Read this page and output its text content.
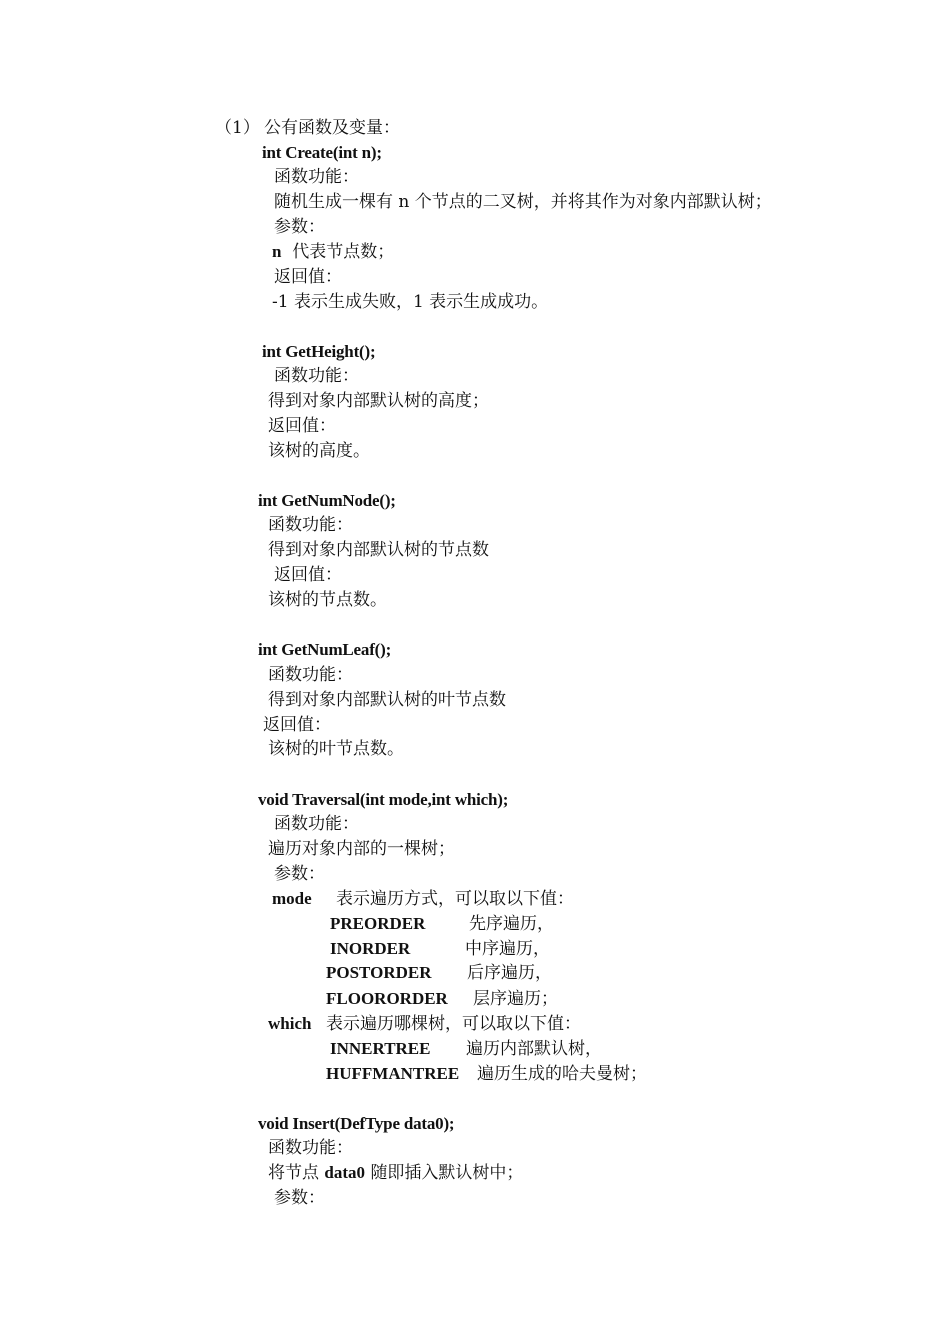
（1） 公有函数及变量：
int Create(int n);
函数功能：
随机生成一棵有 n 个节点的二叉树，并将其作为对象内部默认树；
参数：
n 代表节点数；
返回值：
-1 表示生成失败，1 表示生成成功。
int GetHeight();
函数功能：
得到对象内部默认树的高度；
返回值：
该树的高度。
int GetNumNode();
函数功能：
得到对象内部默认树的节点数
返回值：
该树的节点数。
int GetNumLeaf();
函数功能：
得到对象内部默认树的叶节点数
返回值：
该树的叶节点数。
void Traversal(int mode,int which);
函数功能：
遍历对象内部的一棵树；
参数：
mode 表示遍历方式，可以取以下值：
PREORDER	先序遍历，
INORDER	中序遍历，
POSTORDER 后序遍历，
FLOORORDER 层序遍历；
which 表示遍历哪棵树，可以取以下值：
INNERTREE 遍历内部默认树，
HUFFMANTREE 遍历生成的哈夫曼树；
void Insert(DefType data0);
函数功能：
将节点 data0 随即插入默认树中；
参数：
